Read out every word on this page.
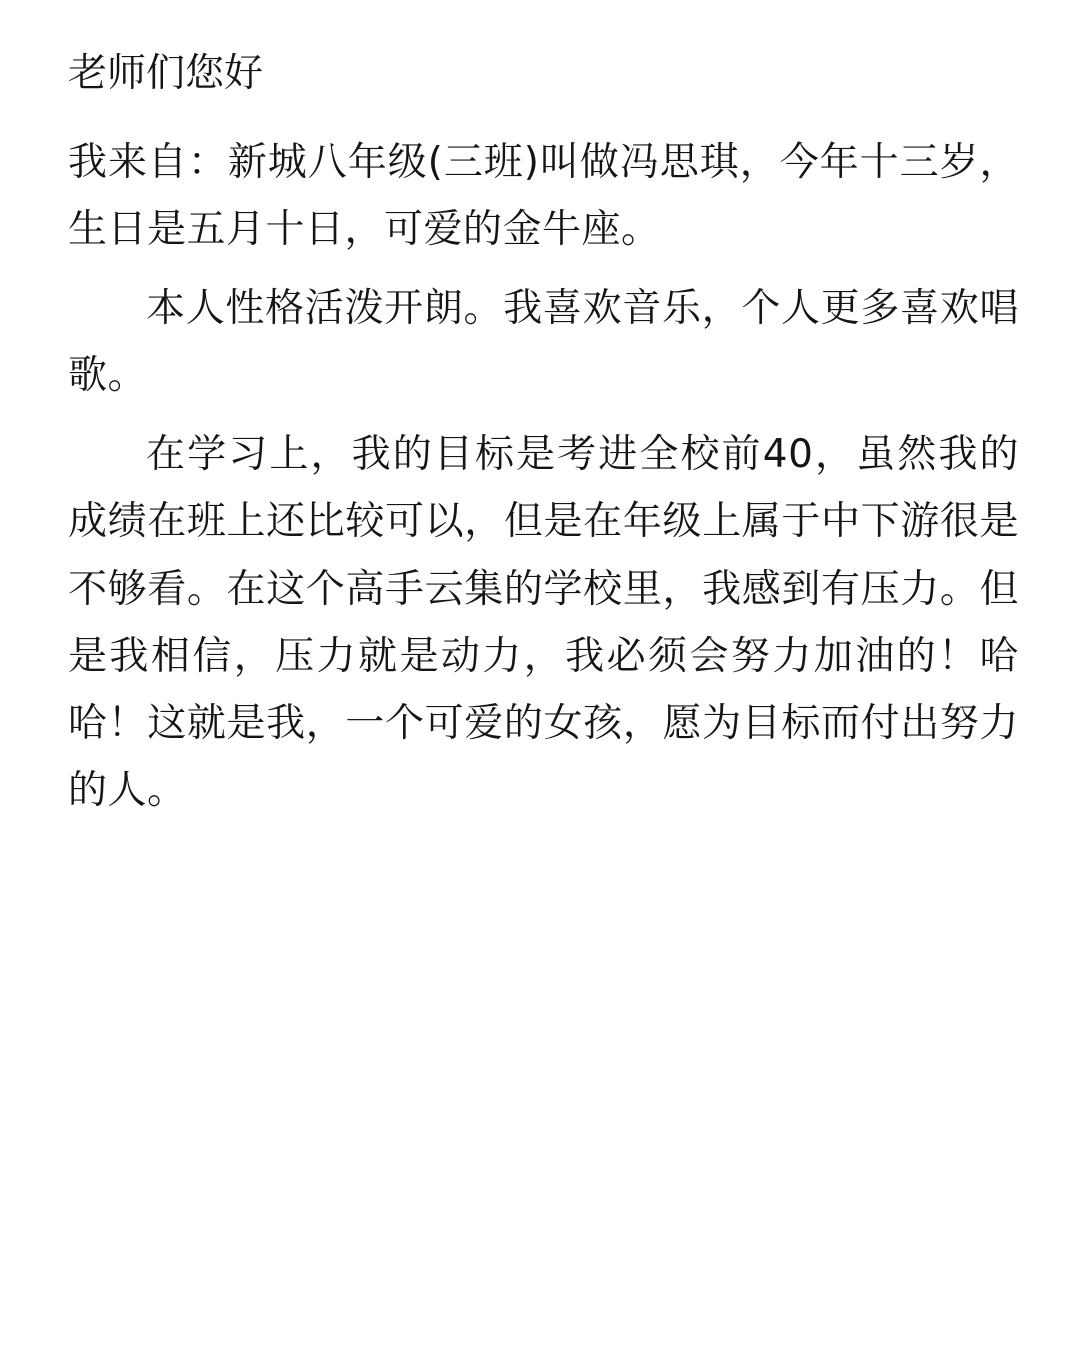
老师们您好

我来自：新城八年级(三班)叫做冯思琪，今年十三岁，生日是五月十日，可爱的金牛座。

本人性格活泼开朗。我喜欢音乐，个人更多喜欢唱歌。

在学习上，我的目标是考进全校前40，虽然我的成绩在班上还比较可以，但是在年级上属于中下游很是不够看。在这个高手云集的学校里，我感到有压力。但是我相信，压力就是动力，我必须会努力加油的！哈哈！这就是我，一个可爱的女孩，愿为目标而付出努力的人。
